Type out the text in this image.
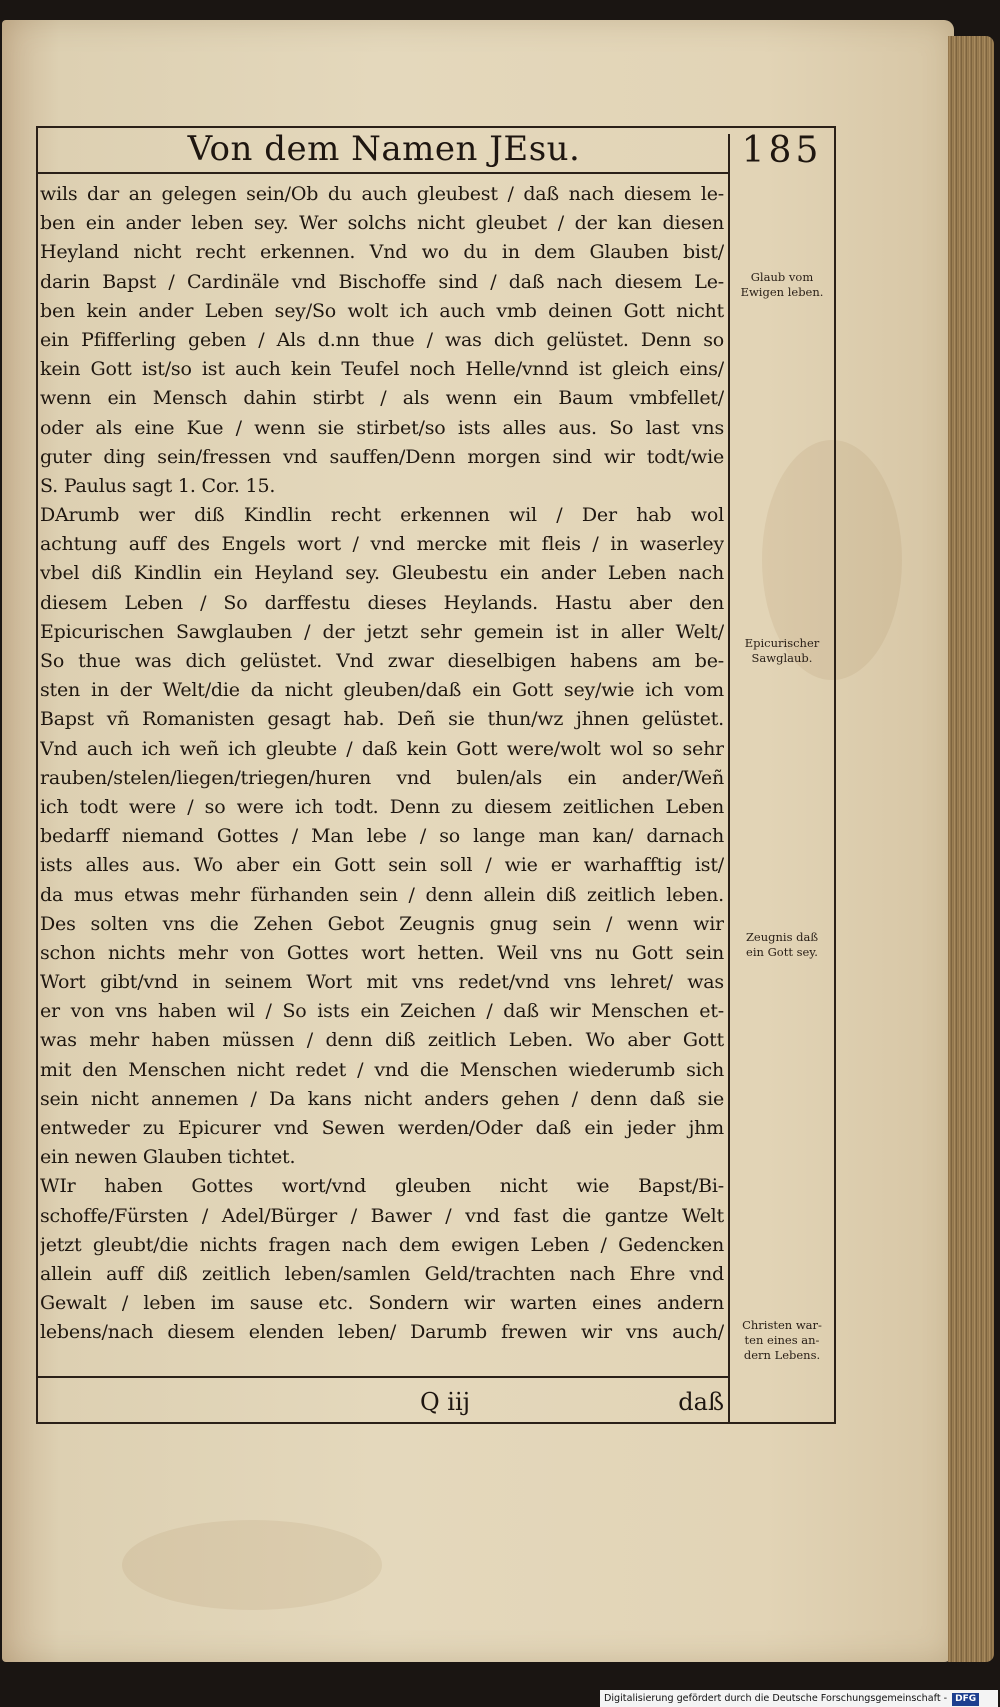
Von dem Namen JEsu.	185
wils dar an gelegen sein/Ob du auch gleubest / daß nach diesem le-
ben ein ander leben sey. Wer solchs nicht gleubet / der kan diesen
Heyland nicht recht erkennen. Vnd wo du in dem Glauben bist/
darin Bapst / Cardinäle vnd Bischoffe sind / daß nach diesem Le-
ben kein ander Leben sey/So wolt ich auch vmb deinen Gott nicht
ein Pfifferling geben / Als d.nn thue / was dich gelüstet. Denn so
kein Gott ist/so ist auch kein Teufel noch Helle/vnnd ist gleich eins/
wenn ein Mensch dahin stirbt / als wenn ein Baum vmbfellet/
oder als eine Kue / wenn sie stirbet/so ists alles aus. So last vns
guter ding sein/fressen vnd sauffen/Denn morgen sind wir todt/wie
S. Paulus sagt 1. Cor. 15.
DArumb wer diß Kindlin recht erkennen wil / Der hab wol
achtung auff des Engels wort / vnd mercke mit fleis / in waserley
vbel diß Kindlin ein Heyland sey. Gleubestu ein ander Leben nach
diesem Leben / So darffestu dieses Heylands. Hastu aber den
Epicurischen Sawglauben / der jetzt sehr gemein ist in aller Welt/
So thue was dich gelüstet. Vnd zwar dieselbigen habens am be-
sten in der Welt/die da nicht gleuben/daß ein Gott sey/wie ich vom
Bapst vñ Romanisten gesagt hab. Deñ sie thun/wz jhnen gelüstet.
Vnd auch ich weñ ich gleubte / daß kein Gott were/wolt wol so sehr
rauben/stelen/liegen/triegen/huren vnd bulen/als ein ander/Weñ
ich todt were / so were ich todt. Denn zu diesem zeitlichen Leben
bedarff niemand Gottes / Man lebe / so lange man kan/ darnach
ists alles aus. Wo aber ein Gott sein soll / wie er warhafftig ist/
da mus etwas mehr fürhanden sein / denn allein diß zeitlich leben.
Des solten vns die Zehen Gebot Zeugnis gnug sein / wenn wir
schon nichts mehr von Gottes wort hetten. Weil vns nu Gott sein
Wort gibt/vnd in seinem Wort mit vns redet/vnd vns lehret/ was
er von vns haben wil / So ists ein Zeichen / daß wir Menschen et-
was mehr haben müssen / denn diß zeitlich Leben. Wo aber Gott
mit den Menschen nicht redet / vnd die Menschen wiederumb sich
sein nicht annemen / Da kans nicht anders gehen / denn daß sie
entweder zu Epicurer vnd Sewen werden/Oder daß ein jeder jhm
ein newen Glauben tichtet.
WIr haben Gottes wort/vnd gleuben nicht wie Bapst/Bi-
schoffe/Fürsten / Adel/Bürger / Bawer / vnd fast die gantze Welt
jetzt gleubt/die nichts fragen nach dem ewigen Leben / Gedencken
allein auff diß zeitlich leben/samlen Geld/trachten nach Ehre vnd
Gewalt / leben im sause etc. Sondern wir warten eines andern
lebens/nach diesem elenden leben/ Darumb frewen wir vns auch/
Glaub vom
Ewigen leben.
Epicurischer
Sawglaub.
Zeugnis daß
ein Gott sey.
Christen war-
ten eines an-
dern Lebens.
Q iij	daß
Digitalisierung gefördert durch die Deutsche Forschungsgemeinschaft - DFG
